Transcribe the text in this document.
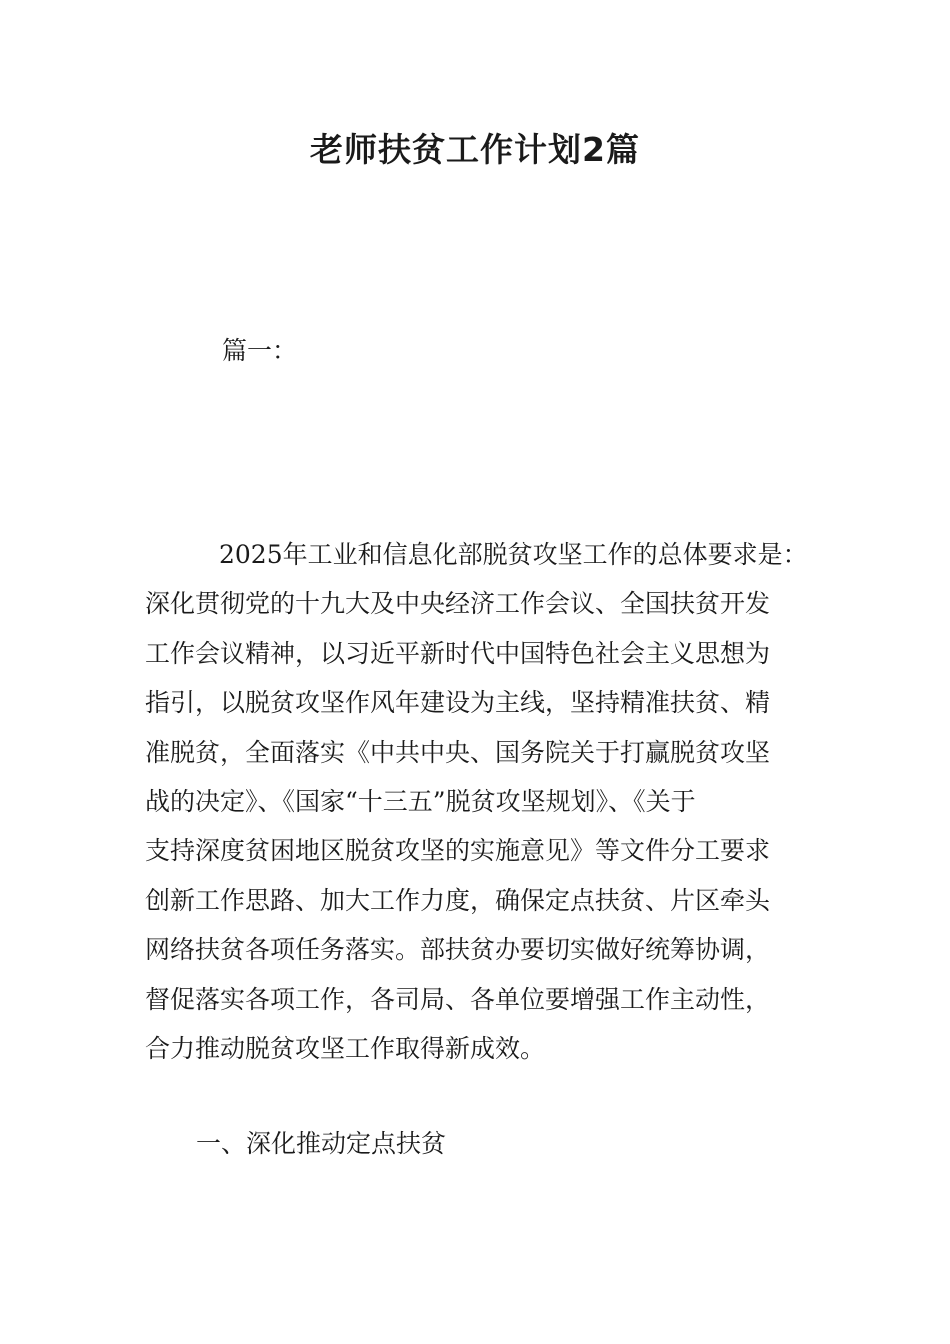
老师扶贫工作计划2篇

篇一：

2025年工业和信息化部脱贫攻坚工作的总体要求是：
深化贯彻党的十九大及中央经济工作会议、全国扶贫开发
工作会议精神，以习近平新时代中国特色社会主义思想为
指引，以脱贫攻坚作风年建设为主线，坚持精准扶贫、精
准脱贫，全面落实《中共中央、国务院关于打赢脱贫攻坚
战的决定》、《国家“十三五”脱贫攻坚规划》、《关于
支持深度贫困地区脱贫攻坚的实施意见》等文件分工要求
创新工作思路、加大工作力度，确保定点扶贫、片区牵头
网络扶贫各项任务落实。部扶贫办要切实做好统筹协调，
督促落实各项工作，各司局、各单位要增强工作主动性，
合力推动脱贫攻坚工作取得新成效。

一、深化推动定点扶贫
